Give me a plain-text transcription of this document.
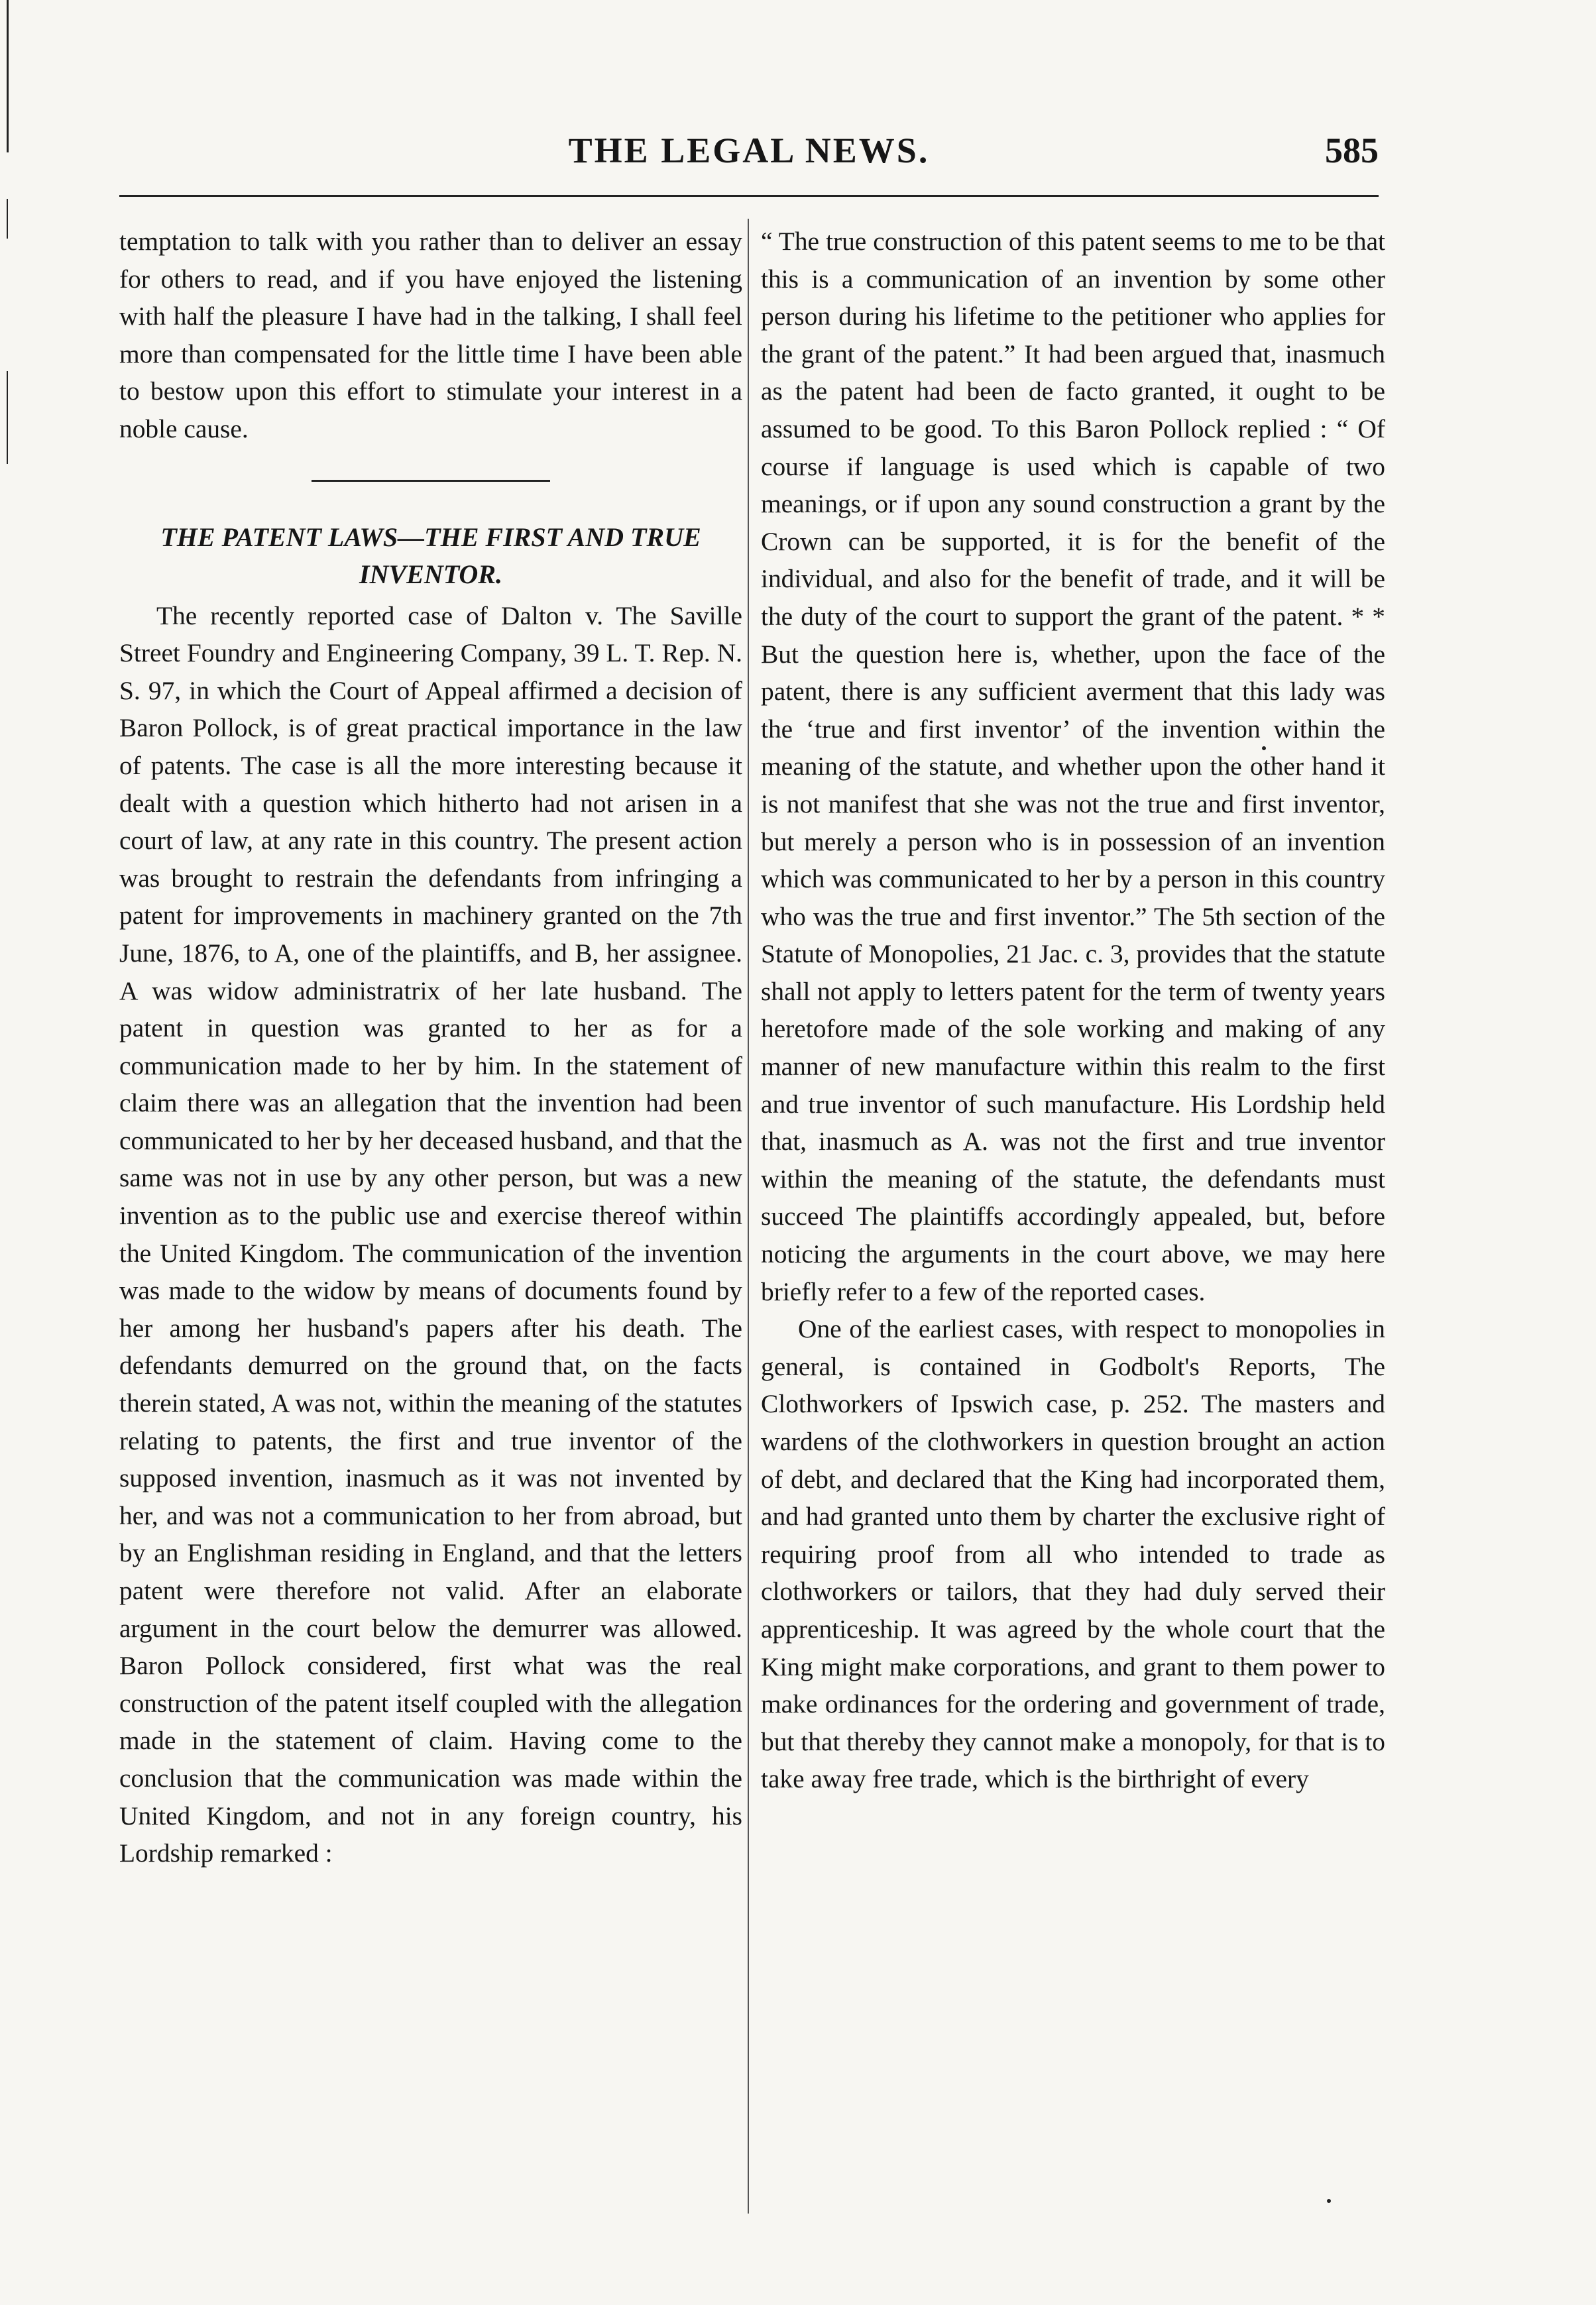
THE LEGAL NEWS.	585

temptation to talk with you rather than to deliver an essay for others to read, and if you have enjoyed the listening with half the pleasure I have had in the talking, I shall feel more than compensated for the little time I have been able to bestow upon this effort to stimulate your interest in a noble cause.

THE PATENT LAWS—THE FIRST AND TRUE INVENTOR.

The recently reported case of Dalton v. The Saville Street Foundry and Engineering Company, 39 L. T. Rep. N. S. 97, in which the Court of Appeal affirmed a decision of Baron Pollock, is of great practical importance in the law of patents. The case is all the more interesting because it dealt with a question which hitherto had not arisen in a court of law, at any rate in this country. The present action was brought to restrain the defendants from infringing a patent for improvements in machinery granted on the 7th June, 1876, to A, one of the plaintiffs, and B, her assignee. A was widow administratrix of her late husband. The patent in question was granted to her as for a communication made to her by him. In the statement of claim there was an allegation that the invention had been communicated to her by her deceased husband, and that the same was not in use by any other person, but was a new invention as to the public use and exercise thereof within the United Kingdom. The communication of the invention was made to the widow by means of documents found by her among her husband's papers after his death. The defendants demurred on the ground that, on the facts therein stated, A was not, within the meaning of the statutes relating to patents, the first and true inventor of the supposed invention, inasmuch as it was not invented by her, and was not a communication to her from abroad, but by an Englishman residing in England, and that the letters patent were therefore not valid. After an elaborate argument in the court below the demurrer was allowed. Baron Pollock considered, first what was the real construction of the patent itself coupled with the allegation made in the statement of claim. Having come to the conclusion that the communication was made within the United Kingdom, and not in any foreign country, his Lordship remarked :

“ The true construction of this patent seems to me to be that this is a communication of an invention by some other person during his lifetime to the petitioner who applies for the grant of the patent.” It had been argued that, inasmuch as the patent had been de facto granted, it ought to be assumed to be good. To this Baron Pollock replied : “ Of course if language is used which is capable of two meanings, or if upon any sound construction a grant by the Crown can be supported, it is for the benefit of the individual, and also for the benefit of trade, and it will be the duty of the court to support the grant of the patent. * * But the question here is, whether, upon the face of the patent, there is any sufficient averment that this lady was the ‘true and first inventor’ of the invention within the meaning of the statute, and whether upon the other hand it is not manifest that she was not the true and first inventor, but merely a person who is in possession of an invention which was communicated to her by a person in this country who was the true and first inventor.” The 5th section of the Statute of Monopolies, 21 Jac. c. 3, provides that the statute shall not apply to letters patent for the term of twenty years heretofore made of the sole working and making of any manner of new manufacture within this realm to the first and true inventor of such manufacture. His Lordship held that, inasmuch as A. was not the first and true inventor within the meaning of the statute, the defendants must succeed The plaintiffs accordingly appealed, but, before noticing the arguments in the court above, we may here briefly refer to a few of the reported cases.

One of the earliest cases, with respect to monopolies in general, is contained in Godbolt's Reports, The Clothworkers of Ipswich case, p. 252. The masters and wardens of the clothworkers in question brought an action of debt, and declared that the King had incorporated them, and had granted unto them by charter the exclusive right of requiring proof from all who intended to trade as clothworkers or tailors, that they had duly served their apprenticeship. It was agreed by the whole court that the King might make corporations, and grant to them power to make ordinances for the ordering and government of trade, but that thereby they cannot make a monopoly, for that is to take away free trade, which is the birthright of every
